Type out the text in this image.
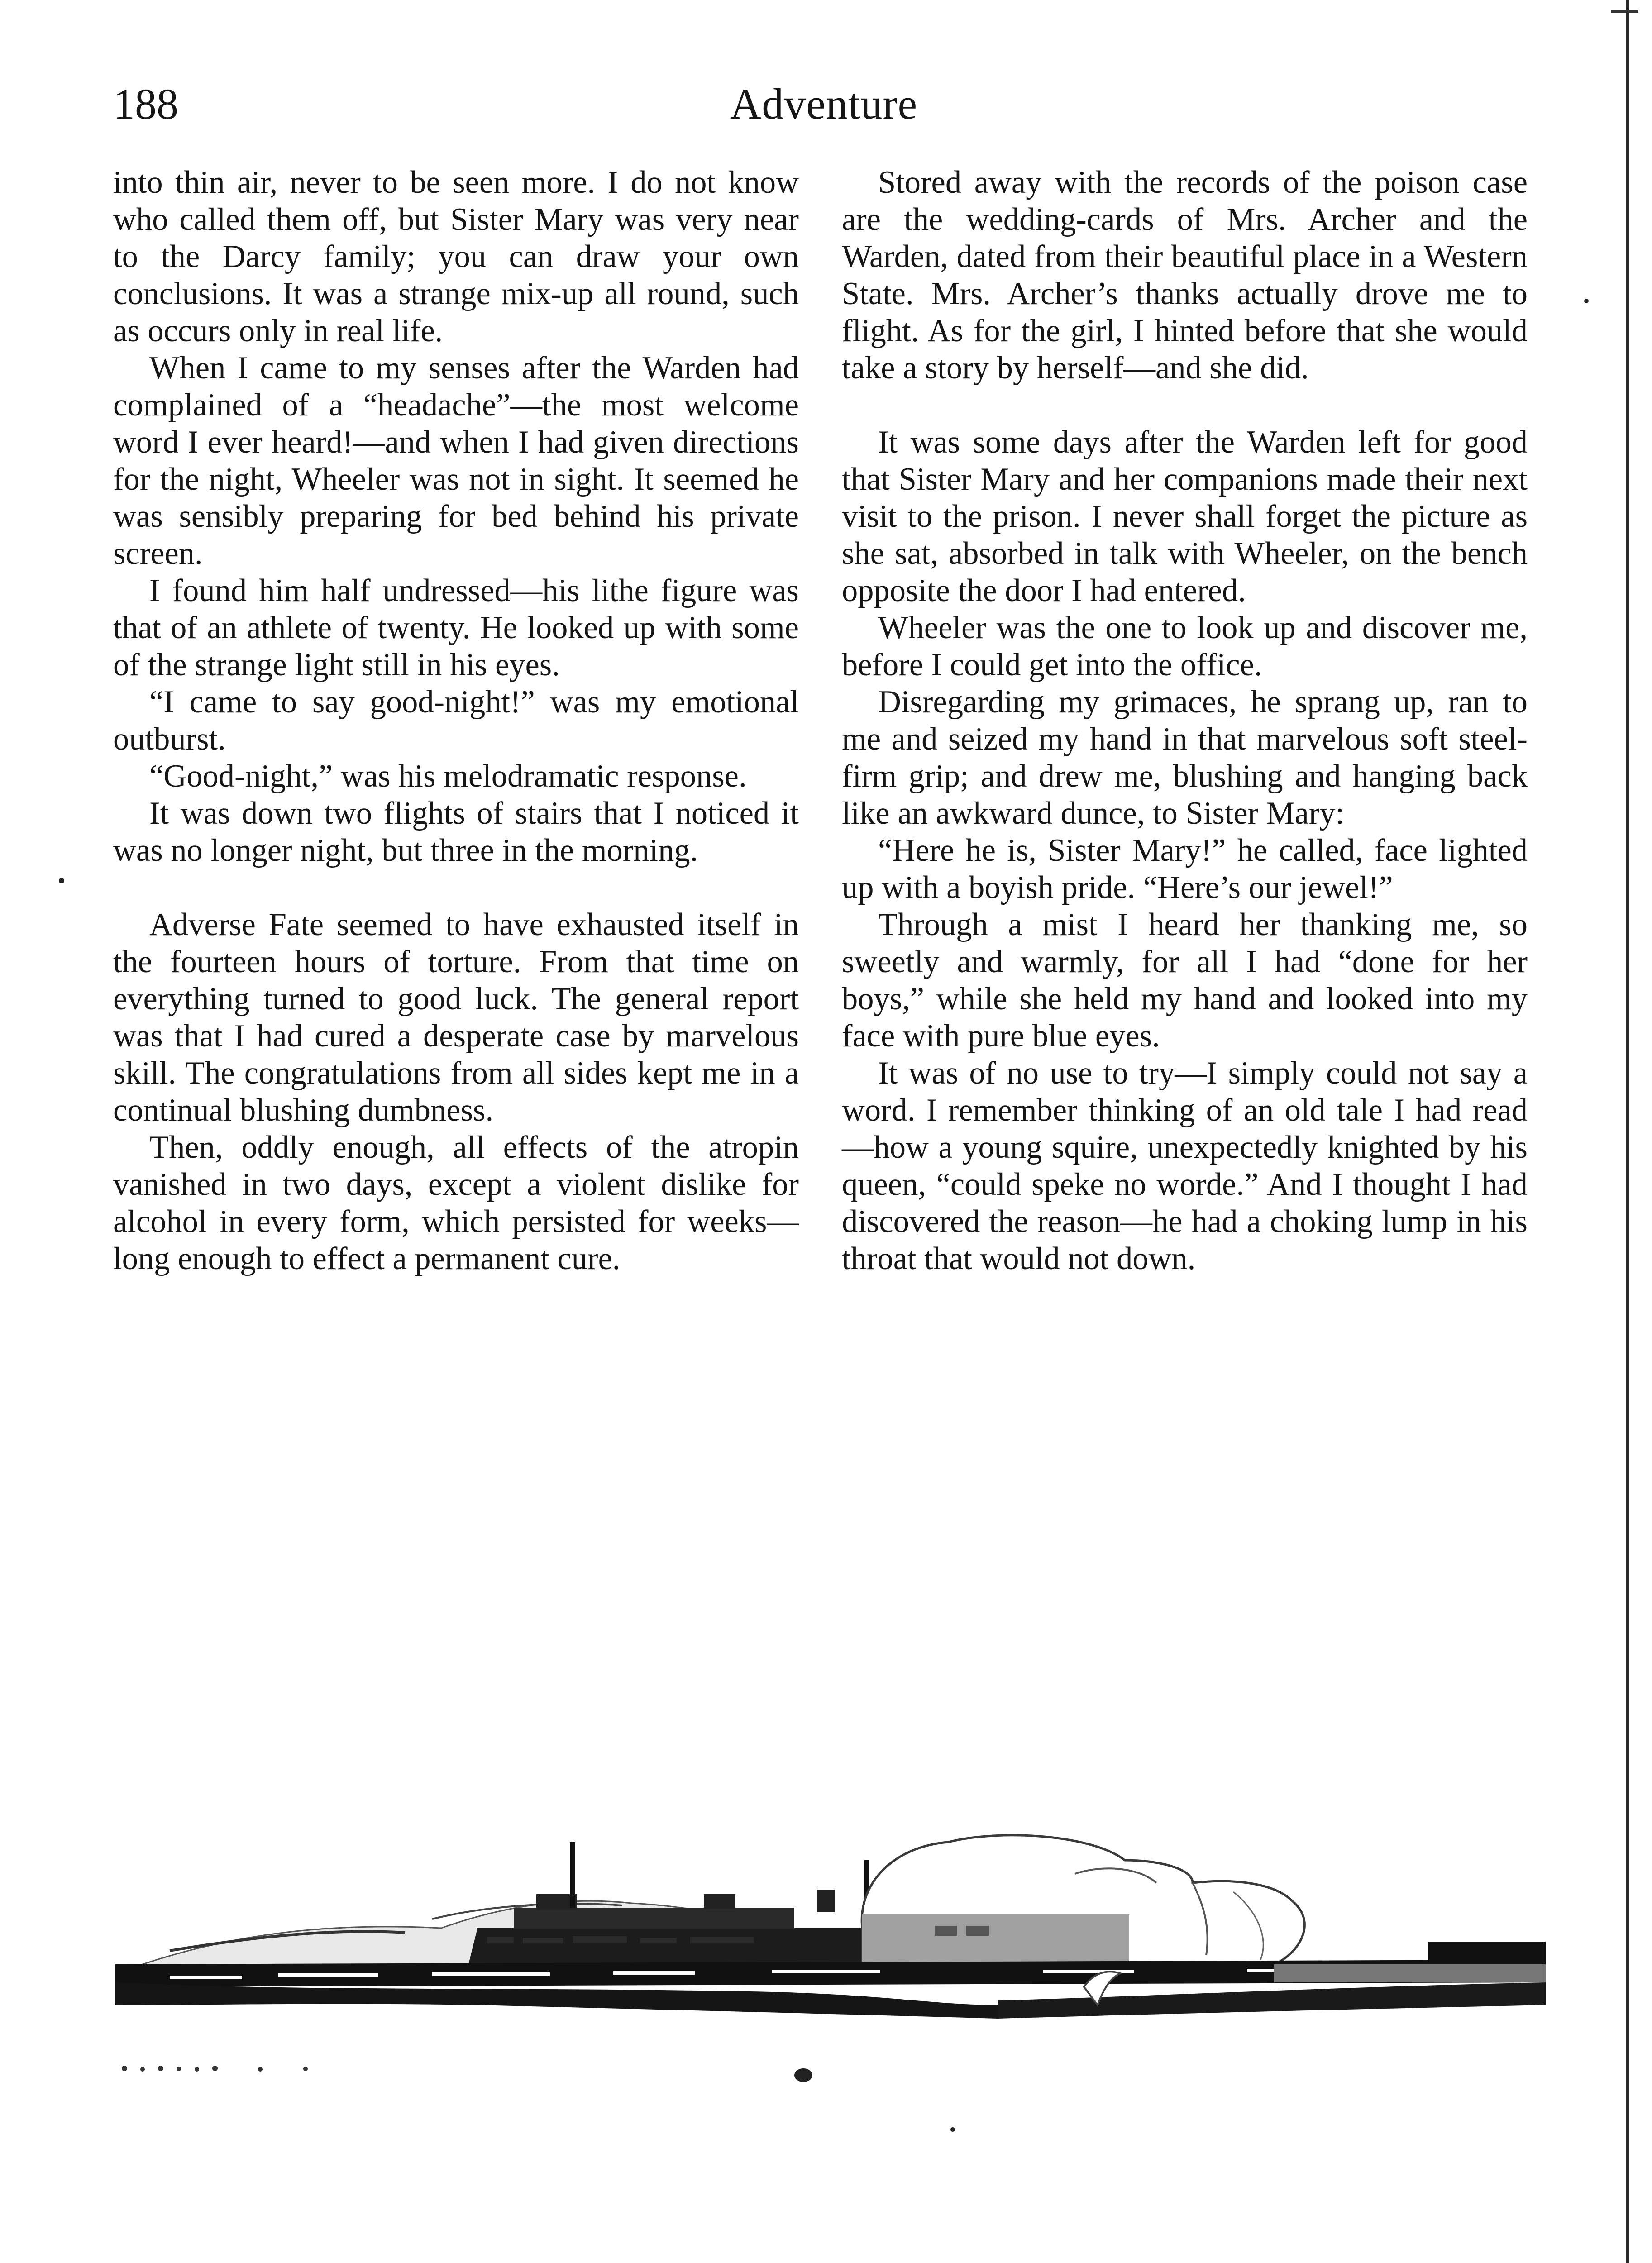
188	Adventure

into thin air, never to be seen more. I do not know who called them off, but Sister Mary was very near to the Darcy family; you can draw your own conclusions. It was a strange mix-up all round, such as occurs only in real life.

When I came to my senses after the Warden had complained of a “headache”—the most welcome word I ever heard!—and when I had given directions for the night, Wheeler was not in sight. It seemed he was sensibly preparing for bed behind his private screen.

I found him half undressed—his lithe figure was that of an athlete of twenty. He looked up with some of the strange light still in his eyes.

“I came to say good-night!” was my emotional outburst.

“Good-night,” was his melodramatic response.

It was down two flights of stairs that I noticed it was no longer night, but three in the morning.

Adverse Fate seemed to have exhausted itself in the fourteen hours of torture. From that time on everything turned to good luck. The general report was that I had cured a desperate case by marvelous skill. The congratulations from all sides kept me in a continual blushing dumbness.

Then, oddly enough, all effects of the atropin vanished in two days, except a violent dislike for alcohol in every form, which persisted for weeks—long enough to effect a permanent cure.

Stored away with the records of the poison case are the wedding-cards of Mrs. Archer and the Warden, dated from their beautiful place in a Western State. Mrs. Archer’s thanks actually drove me to flight. As for the girl, I hinted before that she would take a story by herself—and she did.

It was some days after the Warden left for good that Sister Mary and her companions made their next visit to the prison. I never shall forget the picture as she sat, absorbed in talk with Wheeler, on the bench opposite the door I had entered.

Wheeler was the one to look up and discover me, before I could get into the office.

Disregarding my grimaces, he sprang up, ran to me and seized my hand in that marvelous soft steel-firm grip; and drew me, blushing and hanging back like an awkward dunce, to Sister Mary:

“Here he is, Sister Mary!” he called, face lighted up with a boyish pride. “Here’s our jewel!”

Through a mist I heard her thanking me, so sweetly and warmly, for all I had “done for her boys,” while she held my hand and looked into my face with pure blue eyes.

It was of no use to try—I simply could not say a word. I remember thinking of an old tale I had read—how a young squire, unexpectedly knighted by his queen, “could speke no worde.” And I thought I had discovered the reason—he had a choking lump in his throat that would not down.
